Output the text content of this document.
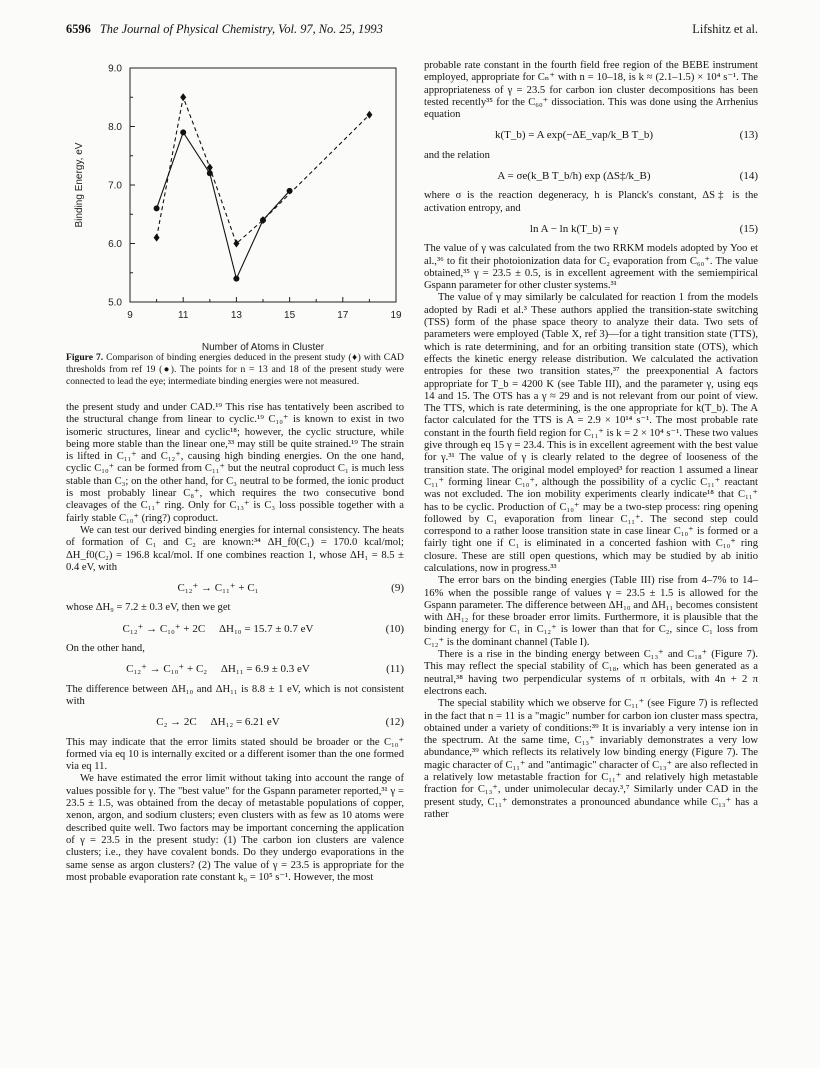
6596 The Journal of Physical Chemistry, Vol. 97, No. 25, 1993	Lifshitz et al.
9	11	13	15	17	19
5.0
6.0
7.0
8.0
9.0
Number of Atoms in Cluster
Binding Energy, eV
Figure 7. Comparison of binding energies deduced in the present study (♦) with CAD thresholds from ref 19 (●). The points for n = 13 and 18 of the present study were connected to lead the eye; intermediate binding energies were not measured.

the present study and under CAD.¹⁹ This rise has tentatively been ascribed to the structural change from linear to cyclic.¹⁹ C₁₀⁺ is known to exist in two isomeric structures, linear and cyclic¹⁸; however, the cyclic structure, while being more stable than the linear one,³³ may still be quite strained.¹⁹ The strain is lifted in C₁₁⁺ and C₁₂⁺, causing high binding energies. On the one hand, cyclic C₁₀⁺ can be formed from C₁₁⁺ but the neutral coproduct C₁ is much less stable than C₃; on the other hand, for C₃ neutral to be formed, the ionic product is most probably linear C₈⁺, which requires the two consecutive bond cleavages of the C₁₁⁺ ring. Only for C₁₃⁺ is C₃ loss possible together with a fairly stable C₁₀⁺ (ring?) coproduct.

We can test our derived binding energies for internal consistency. The heats of formation of C₁ and C₂ are known:³⁴ ΔH_f0(C₁) = 170.0 kcal/mol; ΔH_f0(C₂) = 196.8 kcal/mol. If one combines reaction 1, whose ΔH₁ = 8.5 ± 0.4 eV, with

C₁₂⁺ → C₁₁⁺ + C₁	(9)

whose ΔH₉ = 7.2 ± 0.3 eV, then we get

C₁₂⁺ → C₁₀⁺ + 2C     ΔH₁₀ = 15.7 ± 0.7 eV	(10)

On the other hand,

C₁₂⁺ → C₁₀⁺ + C₂     ΔH₁₁ = 6.9 ± 0.3 eV	(11)

The difference between ΔH₁₀ and ΔH₁₁ is 8.8 ± 1 eV, which is not consistent with

C₂ → 2C     ΔH₁₂ = 6.21 eV	(12)

This may indicate that the error limits stated should be broader or the C₁₀⁺ formed via eq 10 is internally excited or a different isomer than the one formed via eq 11.

We have estimated the error limit without taking into account the range of values possible for γ. The "best value" for the Gspann parameter reported,³¹ γ = 23.5 ± 1.5, was obtained from the decay of metastable populations of copper, xenon, argon, and sodium clusters; even clusters with as few as 10 atoms were described quite well. Two factors may be important concerning the application of γ = 23.5 in the present study: (1) The carbon ion clusters are valence clusters; i.e., they have covalent bonds. Do they undergo evaporations in the same sense as argon clusters? (2) The value of γ = 23.5 is appropriate for the most probable evaporation rate constant k₀ = 10⁵ s⁻¹. However, the most

probable rate constant in the fourth field free region of the BEBE instrument employed, appropriate for Cₙ⁺ with n = 10–18, is k ≈ (2.1–1.5) × 10⁴ s⁻¹. The appropriateness of γ = 23.5 for carbon ion cluster decompositions has been tested recently³⁵ for the C₆₀⁺ dissociation. This was done using the Arrhenius equation

k(T_b) = A exp(−ΔE_vap/k_B T_b)	(13)

and the relation

A = σe(k_B T_b/h) exp (ΔS‡/k_B)	(14)

where σ is the reaction degeneracy, h is Planck's constant, ΔS‡ is the activation entropy, and

ln A − ln k(T_b) = γ	(15)

The value of γ was calculated from the two RRKM models adopted by Yoo et al.,³⁶ to fit their photoionization data for C₂ evaporation from C₆₀⁺. The value obtained,³⁵ γ = 23.5 ± 0.5, is in excellent agreement with the semiempirical Gspann parameter for other cluster systems.³¹

The value of γ may similarly be calculated for reaction 1 from the models adopted by Radi et al.³ These authors applied the transition-state switching (TSS) form of the phase space theory to analyze their data. Two sets of parameters were employed (Table X, ref 3)—for a tight transition state (TTS), which is rate determining, and for an orbiting transition state (OTS), which effects the kinetic energy release distribution. We calculated the activation entropies for these two transition states,³⁷ the preexponential A factors appropriate for T_b = 4200 K (see Table III), and the parameter γ, using eqs 14 and 15. The OTS has a γ ≈ 29 and is not relevant from our point of view. The TTS, which is rate determining, is the one appropriate for k(T_b). The A factor calculated for the TTS is A = 2.9 × 10¹⁴ s⁻¹. The most probable rate constant in the fourth field region for C₁₁⁺ is k = 2 × 10⁴ s⁻¹. These two values give through eq 15 γ = 23.4. This is in excellent agreement with the best value for γ.³¹ The value of γ is clearly related to the degree of looseness of the transition state. The original model employed³ for reaction 1 assumed a linear C₁₁⁺ forming linear C₁₀⁺, although the possibility of a cyclic C₁₁⁺ reactant was not excluded. The ion mobility experiments clearly indicate¹⁸ that C₁₁⁺ has to be cyclic. Production of C₁₀⁺ may be a two-step process: ring opening followed by C₁ evaporation from linear C₁₁⁺. The second step could correspond to a rather loose transition state in case linear C₁₀⁺ is formed or a fairly tight one if C₁ is eliminated in a concerted fashion with C₁₀⁺ ring closure. These are still open questions, which may be studied by ab initio calculations, now in progress.³³

The error bars on the binding energies (Table III) rise from 4–7% to 14–16% when the possible range of values γ = 23.5 ± 1.5 is allowed for the Gspann parameter. The difference between ΔH₁₀ and ΔH₁₁ becomes consistent with ΔH₁₂ for these broader error limits. Furthermore, it is plausible that the binding energy for C₁ in C₁₂⁺ is lower than that for C₂, since C₁ loss from C₁₂⁺ is the dominant channel (Table I).

There is a rise in the binding energy between C₁₃⁺ and C₁₈⁺ (Figure 7). This may reflect the special stability of C₁₈, which has been generated as a neutral,³⁸ having two perpendicular systems of π orbitals, with 4n + 2 π electrons each.

The special stability which we observe for C₁₁⁺ (see Figure 7) is reflected in the fact that n = 11 is a "magic" number for carbon ion cluster mass spectra, obtained under a variety of conditions:³⁹ It is invariably a very intense ion in the spectrum. At the same time, C₁₃⁺ invariably demonstrates a very low abundance,³⁹ which reflects its relatively low binding energy (Figure 7). The magic character of C₁₁⁺ and "antimagic" character of C₁₃⁺ are also reflected in a relatively low metastable fraction for C₁₁⁺ and relatively high metastable fraction for C₁₃⁺, under unimolecular decay.³,⁷ Similarly under CAD in the present study, C₁₁⁺ demonstrates a pronounced abundance while C₁₃⁺ has a rather
